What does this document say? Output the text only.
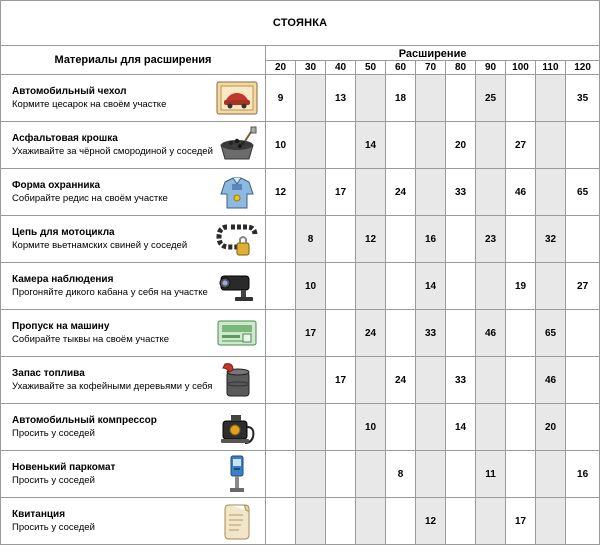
СТОЯНКА												
Материалы для расширения		Расширение										
		20	30	40	50	60	70	80	90	100	110	120

Автомобильный чехол
Кормите цесарок на своём участке		9		13		18			25			35

Асфальтовая крошка
Ухаживайте за чёрной смородиной у соседей		10			14			20		27		

Форма охранника
Собирайте редис на своём участке		12		17		24		33		46		65

Цепь для мотоцикла
Кормите вьетнамских свиней у соседей			8		12		16		23		32	

Камера наблюдения
Прогоняйте дикого кабана у себя на участке			10				14			19		27

Пропуск на машину
Собирайте тыквы на своём участке			17		24		33		46		65	

Запас топлива
Ухаживайте за кофейными деревьями у себя				17		24		33			46	

Автомобильный компрессор
Просить у соседей					10			14			20	

Новенький паркомат
Просить у соседей						8			11			16

Квитанция
Просить у соседей							12			17		
